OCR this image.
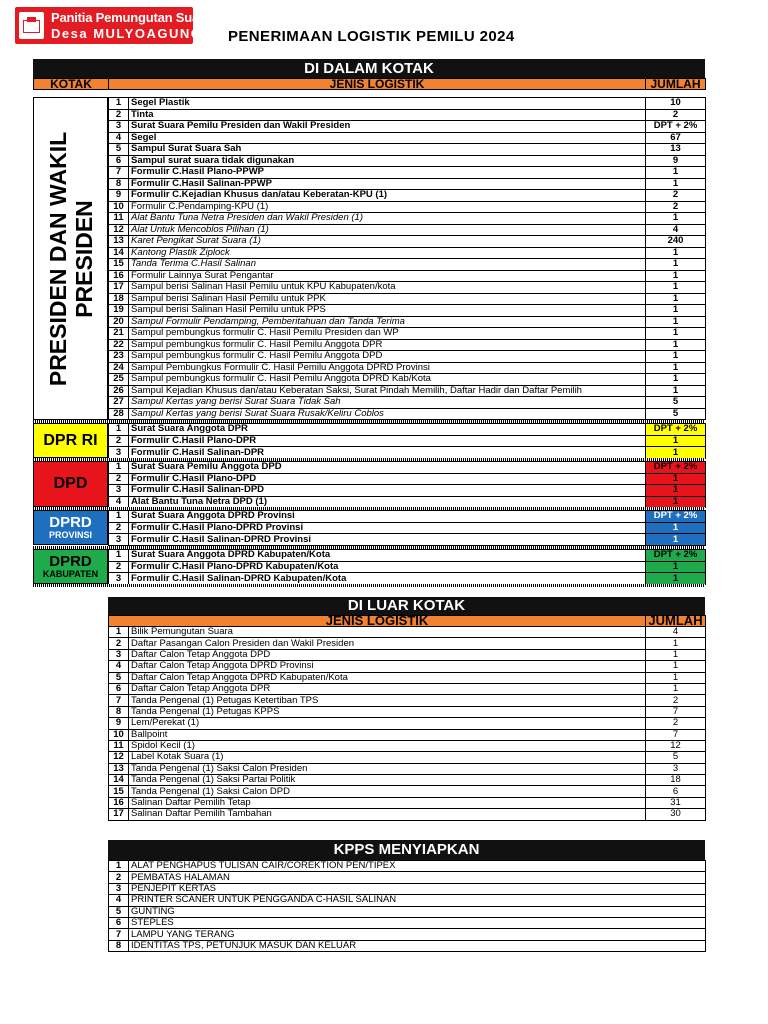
Panitia Pemungutan Suara
Desa MULYOAGUNG PENERIMAAN LOGISTIK PEMILU 2024
DI DALAM KOTAK
KOTAK	JENIS LOGISTIK	JUMLAH
PRESIDEN DAN WAKIL
PRESIDEN
1	Segel Plastik	10
2	Tinta	2
3	Surat Suara Pemilu Presiden dan Wakil Presiden	DPT + 2%
4	Segel	67
5	Sampul Surat Suara Sah	13
6	Sampul surat suara tidak digunakan	9
7	Formulir C.Hasil Plano-PPWP	1
8	Formulir C.Hasil Salinan-PPWP	1
9	Formulir C.Kejadian Khusus dan/atau Keberatan-KPU (1)	2
10	Formulir C.Pendamping-KPU (1)	2
11	Alat Bantu Tuna Netra Presiden dan Wakil Presiden (1)	1
12	Alat Untuk Mencoblos Pilihan (1)	4
13	Karet Pengikat Surat Suara (1)	240
14	Kantong Plastik Ziplock	1
15	Tanda Terima C.Hasil Salinan	1
16	Formulir Lainnya Surat Pengantar	1
17	Sampul berisi Salinan Hasil Pemilu untuk KPU Kabupaten/kota	1
18	Sampul berisi Salinan Hasil Pemilu untuk PPK	1
19	Sampul berisi Salinan Hasil Pemilu untuk PPS	1
20	Sampul Formulir Pendamping, Pemberitahuan dan Tanda Terima	1
21	Sampul pembungkus formulir C. Hasil Pemilu Presiden dan WP	1
22	Sampul pembungkus formulir C. Hasil Pemilu Anggota DPR	1
23	Sampul pembungkus formulir C. Hasil Pemilu Anggota DPD	1
24	Sampul Pembungkus Formulir C. Hasil Pemilu Anggota DPRD Provinsi	1
25	Sampul pembungkus formulir C. Hasil Pemilu Anggota DPRD Kab/Kota	1
26	Sampul Kejadian Khusus dan/atau Keberatan Saksi, Surat Pindah Memilih, Daftar Hadir dan Daftar Pemilih	1
27	Sampul Kertas yang berisi Surat Suara Tidak Sah	5
28	Sampul Kertas yang berisi Surat Suara Rusak/Keliru Coblos	5
DPR RI
1	Surat Suara Anggota DPR	DPT + 2%
2	Formulir C.Hasil Plano-DPR	1
3	Formulir C.Hasil Salinan-DPR	1
DPD
1	Surat Suara Pemilu Anggota DPD	DPT + 2%
2	Formulir C.Hasil Plano-DPD	1
3	Formulir C.Hasil Salinan-DPD	1
4	Alat Bantu Tuna Netra DPD (1)	1
DPRD
PROVINSI
1	Surat Suara Anggota DPRD Provinsi	DPT + 2%
2	Formulir C.Hasil Plano-DPRD Provinsi	1
3	Formulir C.Hasil Salinan-DPRD Provinsi	1
DPRD
KABUPATEN
1	Surat Suara Anggota DPRD Kabupaten/Kota	DPT + 2%
2	Formulir C.Hasil Plano-DPRD Kabupaten/Kota	1
3	Formulir C.Hasil Salinan-DPRD Kabupaten/Kota	1
DI LUAR KOTAK
JENIS LOGISTIK		JUMLAH
1	Bilik Pemungutan Suara	4
2	Daftar Pasangan Calon Presiden dan Wakil Presiden	1
3	Daftar Calon Tetap Anggota DPD	1
4	Daftar Calon Tetap Anggota DPRD Provinsi	1
5	Daftar Calon Tetap Anggota DPRD Kabupaten/Kota	1
6	Daftar Calon Tetap Anggota DPR	1
7	Tanda Pengenal (1) Petugas Ketertiban TPS	2
8	Tanda Pengenal (1) Petugas KPPS	7
9	Lem/Perekat (1)	2
10	Ballpoint	7
11	Spidol Kecil (1)	12
12	Label Kotak Suara (1)	5
13	Tanda Pengenal (1) Saksi Calon Presiden	3
14	Tanda Pengenal (1) Saksi Partai Politik	18
15	Tanda Pengenal (1) Saksi Calon DPD	6
16	Salinan Daftar Pemilih Tetap	31
17	Salinan Daftar Pemilih Tambahan	30
KPPS MENYIAPKAN
1	ALAT PENGHAPUS TULISAN CAIR/COREKTION PEN/TIPEX
2	PEMBATAS HALAMAN
3	PENJEPIT KERTAS
4	PRINTER SCANER UNTUK PENGGANDA C-HASIL SALINAN
5	GUNTING
6	STEPLES
7	LAMPU YANG TERANG
8	IDENTITAS TPS, PETUNJUK MASUK DAN KELUAR
